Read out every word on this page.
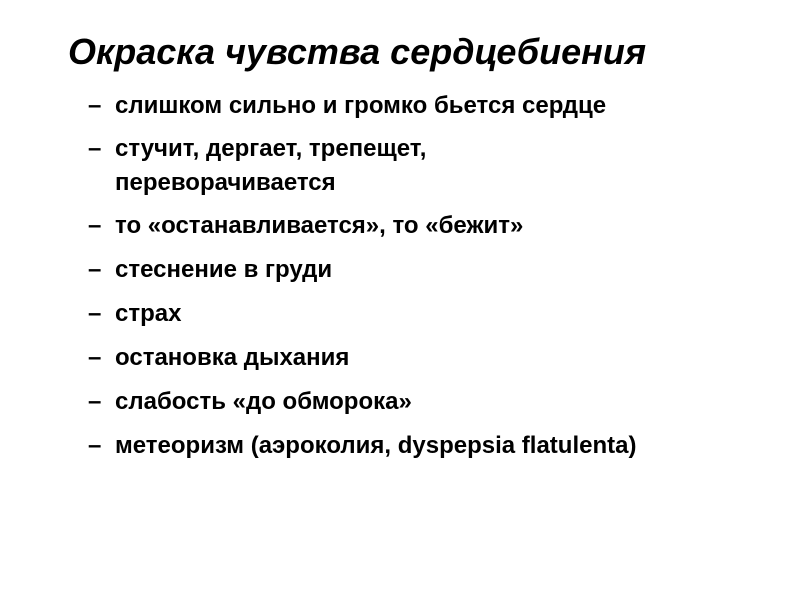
Окраска чувства сердцебиения
– слишком сильно и громко бьется сердце
– стучит, дергает, трепещет, переворачивается
– то «останавливается», то «бежит»
– стеснение в груди
– страх
– остановка дыхания
– слабость «до обморока»
– метеоризм (аэроколия, dyspepsia flatulenta)
